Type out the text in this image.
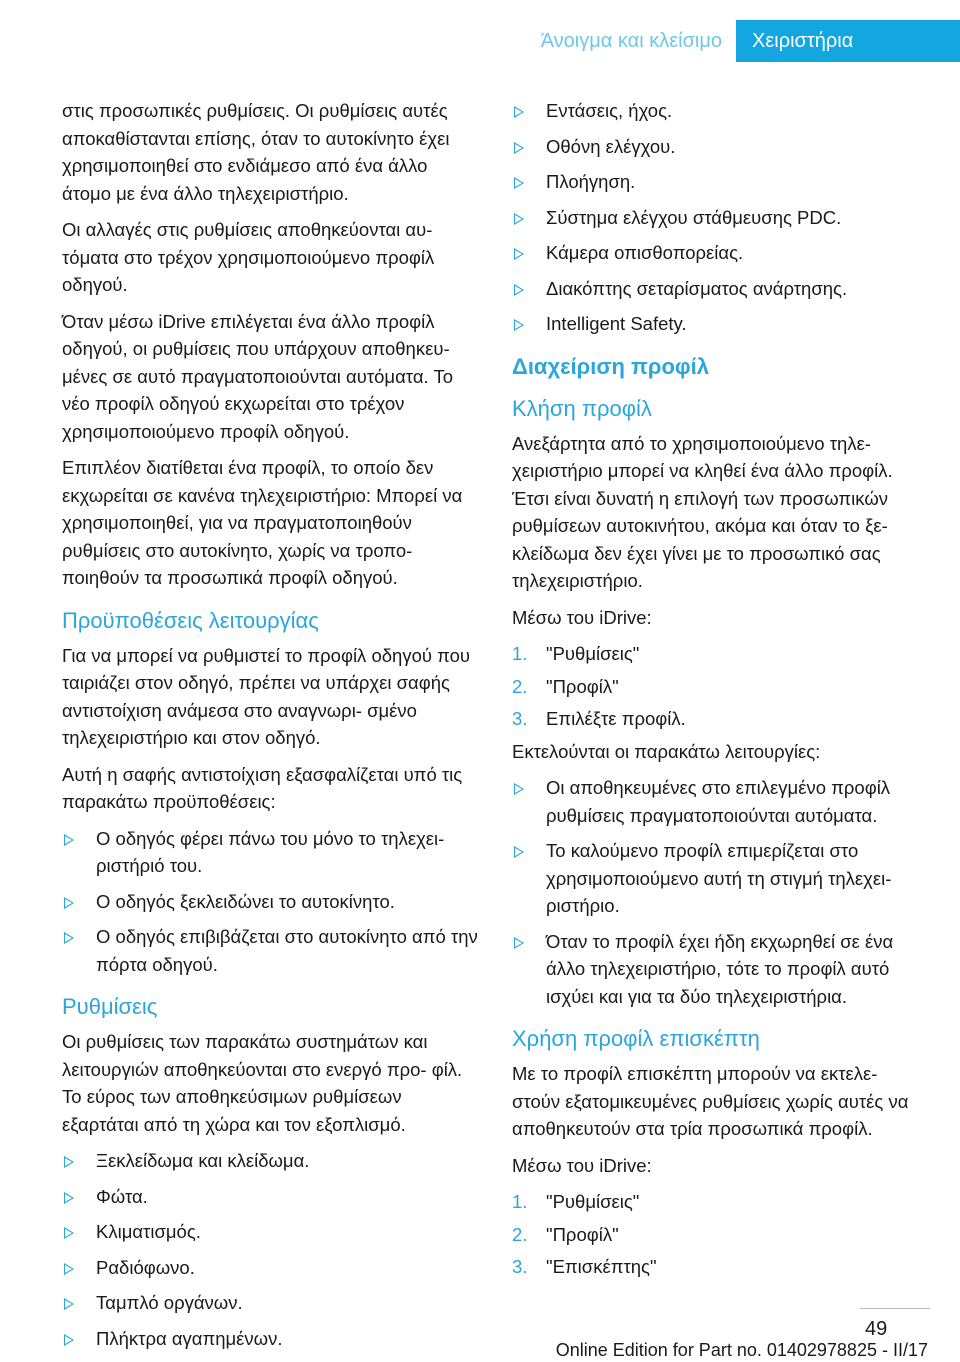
Άνοιγμα και κλείσιμο	Χειριστήρια

στις προσωπικές ρυθμίσεις. Οι ρυθμίσεις αυτές αποκαθίστανται επίσης, όταν το αυτοκίνητο έχει χρησιμοποιηθεί στο ενδιάμεσο από ένα άλλο άτομο με ένα άλλο τηλεχειριστήριο.

Οι αλλαγές στις ρυθμίσεις αποθηκεύονται αυ‐ τόματα στο τρέχον χρησιμοποιούμενο προφίλ οδηγού.

Όταν μέσω iDrive επιλέγεται ένα άλλο προφίλ οδηγού, οι ρυθμίσεις που υπάρχουν αποθηκευ‐ μένες σε αυτό πραγματοποιούνται αυτόματα. Το νέο προφίλ οδηγού εκχωρείται στο τρέχον χρησιμοποιούμενο προφίλ οδηγού.

Επιπλέον διατίθεται ένα προφίλ, το οποίο δεν εκχωρείται σε κανένα τηλεχειριστήριο: Μπορεί να χρησιμοποιηθεί, για να πραγματοποιηθούν ρυθμίσεις στο αυτοκίνητο, χωρίς να τροπο‐ ποιηθούν τα προσωπικά προφίλ οδηγού.

Προϋποθέσεις λειτουργίας

Για να μπορεί να ρυθμιστεί το προφίλ οδηγού που ταιριάζει στον οδηγό, πρέπει να υπάρχει σαφής αντιστοίχιση ανάμεσα στο αναγνωρι‐ σμένο τηλεχειριστήριο και στον οδηγό.

Αυτή η σαφής αντιστοίχιση εξασφαλίζεται υπό τις παρακάτω προϋποθέσεις:

Ο οδηγός φέρει πάνω του μόνο το τηλεχει‐ ριστήριό του.
Ο οδηγός ξεκλειδώνει το αυτοκίνητο.
Ο οδηγός επιβιβάζεται στο αυτοκίνητο από την πόρτα οδηγού.
Ρυθμίσεις

Οι ρυθμίσεις των παρακάτω συστημάτων και λειτουργιών αποθηκεύονται στο ενεργό προ‐ φίλ. Το εύρος των αποθηκεύσιμων ρυθμίσεων εξαρτάται από τη χώρα και τον εξοπλισμό.

Ξεκλείδωμα και κλείδωμα.
Φώτα.
Κλιματισμός.
Ραδιόφωνο.
Ταμπλό οργάνων.
Πλήκτρα αγαπημένων.
Εντάσεις, ήχος.
Οθόνη ελέγχου.
Πλοήγηση.
Σύστημα ελέγχου στάθμευσης PDC.
Κάμερα οπισθοπορείας.
Διακόπτης σεταρίσματος ανάρτησης.
Intelligent Safety.
Διαχείριση προφίλ
Κλήση προφίλ

Ανεξάρτητα από το χρησιμοποιούμενο τηλε‐ χειριστήριο μπορεί να κληθεί ένα άλλο προφίλ. Έτσι είναι δυνατή η επιλογή των προσωπικών ρυθμίσεων αυτοκινήτου, ακόμα και όταν το ξε‐ κλείδωμα δεν έχει γίνει με το προσωπικό σας τηλεχειριστήριο.

Μέσω του iDrive:

1. "Ρυθμίσεις"
2. "Προφίλ"
3. Επιλέξτε προφίλ.

Εκτελούνται οι παρακάτω λειτουργίες:

Οι αποθηκευμένες στο επιλεγμένο προφίλ ρυθμίσεις πραγματοποιούνται αυτόματα.
Το καλούμενο προφίλ επιμερίζεται στο χρησιμοποιούμενο αυτή τη στιγμή τηλεχει‐ ριστήριο.
Όταν το προφίλ έχει ήδη εκχωρηθεί σε ένα άλλο τηλεχειριστήριο, τότε το προφίλ αυτό ισχύει και για τα δύο τηλεχειριστήρια.
Χρήση προφίλ επισκέπτη

Με το προφίλ επισκέπτη μπορούν να εκτελε‐ στούν εξατομικευμένες ρυθμίσεις χωρίς αυτές να αποθηκευτούν στα τρία προσωπικά προφίλ.

Μέσω του iDrive:

1. "Ρυθμίσεις"
2. "Προφίλ"
3. "Επισκέπτης"
49
Online Edition for Part no. 01402978825 - II/17
